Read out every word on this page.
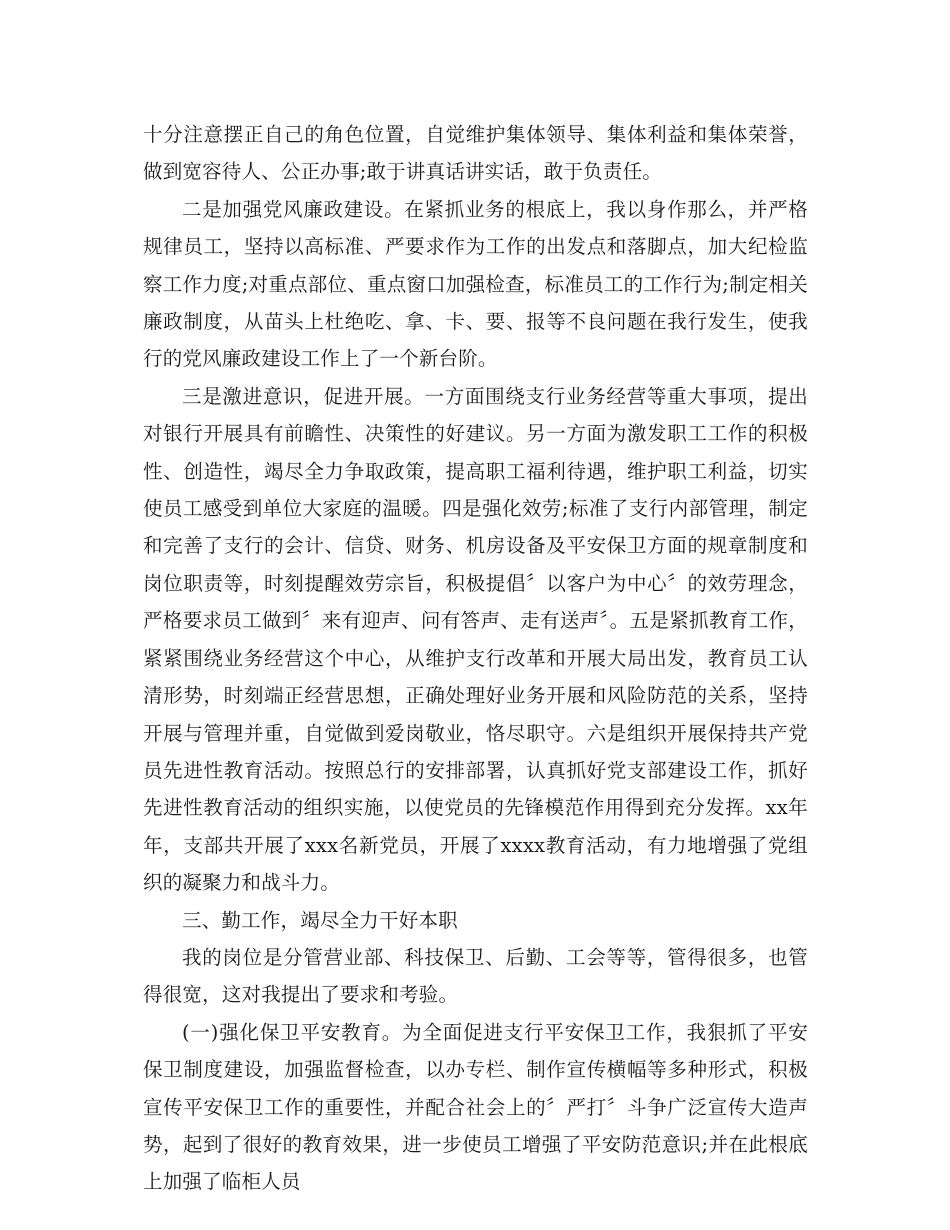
十分注意摆正自己的角色位置，自觉维护集体领导、集体利益和集体荣誉，做到宽容待人、公正办事;敢于讲真话讲实话，敢于负责任。

二是加强党风廉政建设。在紧抓业务的根底上，我以身作那么，并严格规律员工，坚持以高标准、严要求作为工作的出发点和落脚点，加大纪检监察工作力度;对重点部位、重点窗口加强检查，标准员工的工作行为;制定相关廉政制度，从苗头上杜绝吃、拿、卡、要、报等不良问题在我行发生，使我行的党风廉政建设工作上了一个新台阶。

三是激进意识，促进开展。一方面围绕支行业务经营等重大事项，提出对银行开展具有前瞻性、决策性的好建议。另一方面为激发职工工作的积极性、创造性，竭尽全力争取政策，提高职工福利待遇，维护职工利益，切实使员工感受到单位大家庭的温暖。四是强化效劳;标准了支行内部管理，制定和完善了支行的会计、信贷、财务、机房设备及平安保卫方面的规章制度和岗位职责等，时刻提醒效劳宗旨，积极提倡〞以客户为中心〞的效劳理念，严格要求员工做到〞来有迎声、问有答声、走有送声〞。五是紧抓教育工作，紧紧围绕业务经营这个中心，从维护支行改革和开展大局出发，教育员工认清形势，时刻端正经营思想，正确处理好业务开展和风险防范的关系，坚持开展与管理并重，自觉做到爱岗敬业，恪尽职守。六是组织开展保持共产党员先进性教育活动。按照总行的安排部署，认真抓好党支部建设工作，抓好先进性教育活动的组织实施，以使党员的先锋模范作用得到充分发挥。xx年年，支部共开展了xxx名新党员，开展了xxxx教育活动，有力地增强了党组织的凝聚力和战斗力。

三、勤工作，竭尽全力干好本职

我的岗位是分管营业部、科技保卫、后勤、工会等等，管得很多，也管得很宽，这对我提出了要求和考验。

(一)强化保卫平安教育。为全面促进支行平安保卫工作，我狠抓了平安保卫制度建设，加强监督检查，以办专栏、制作宣传横幅等多种形式，积极宣传平安保卫工作的重要性，并配合社会上的〞严打〞斗争广泛宣传大造声势，起到了很好的教育效果，进一步使员工增强了平安防范意识;并在此根底上加强了临柜人员
